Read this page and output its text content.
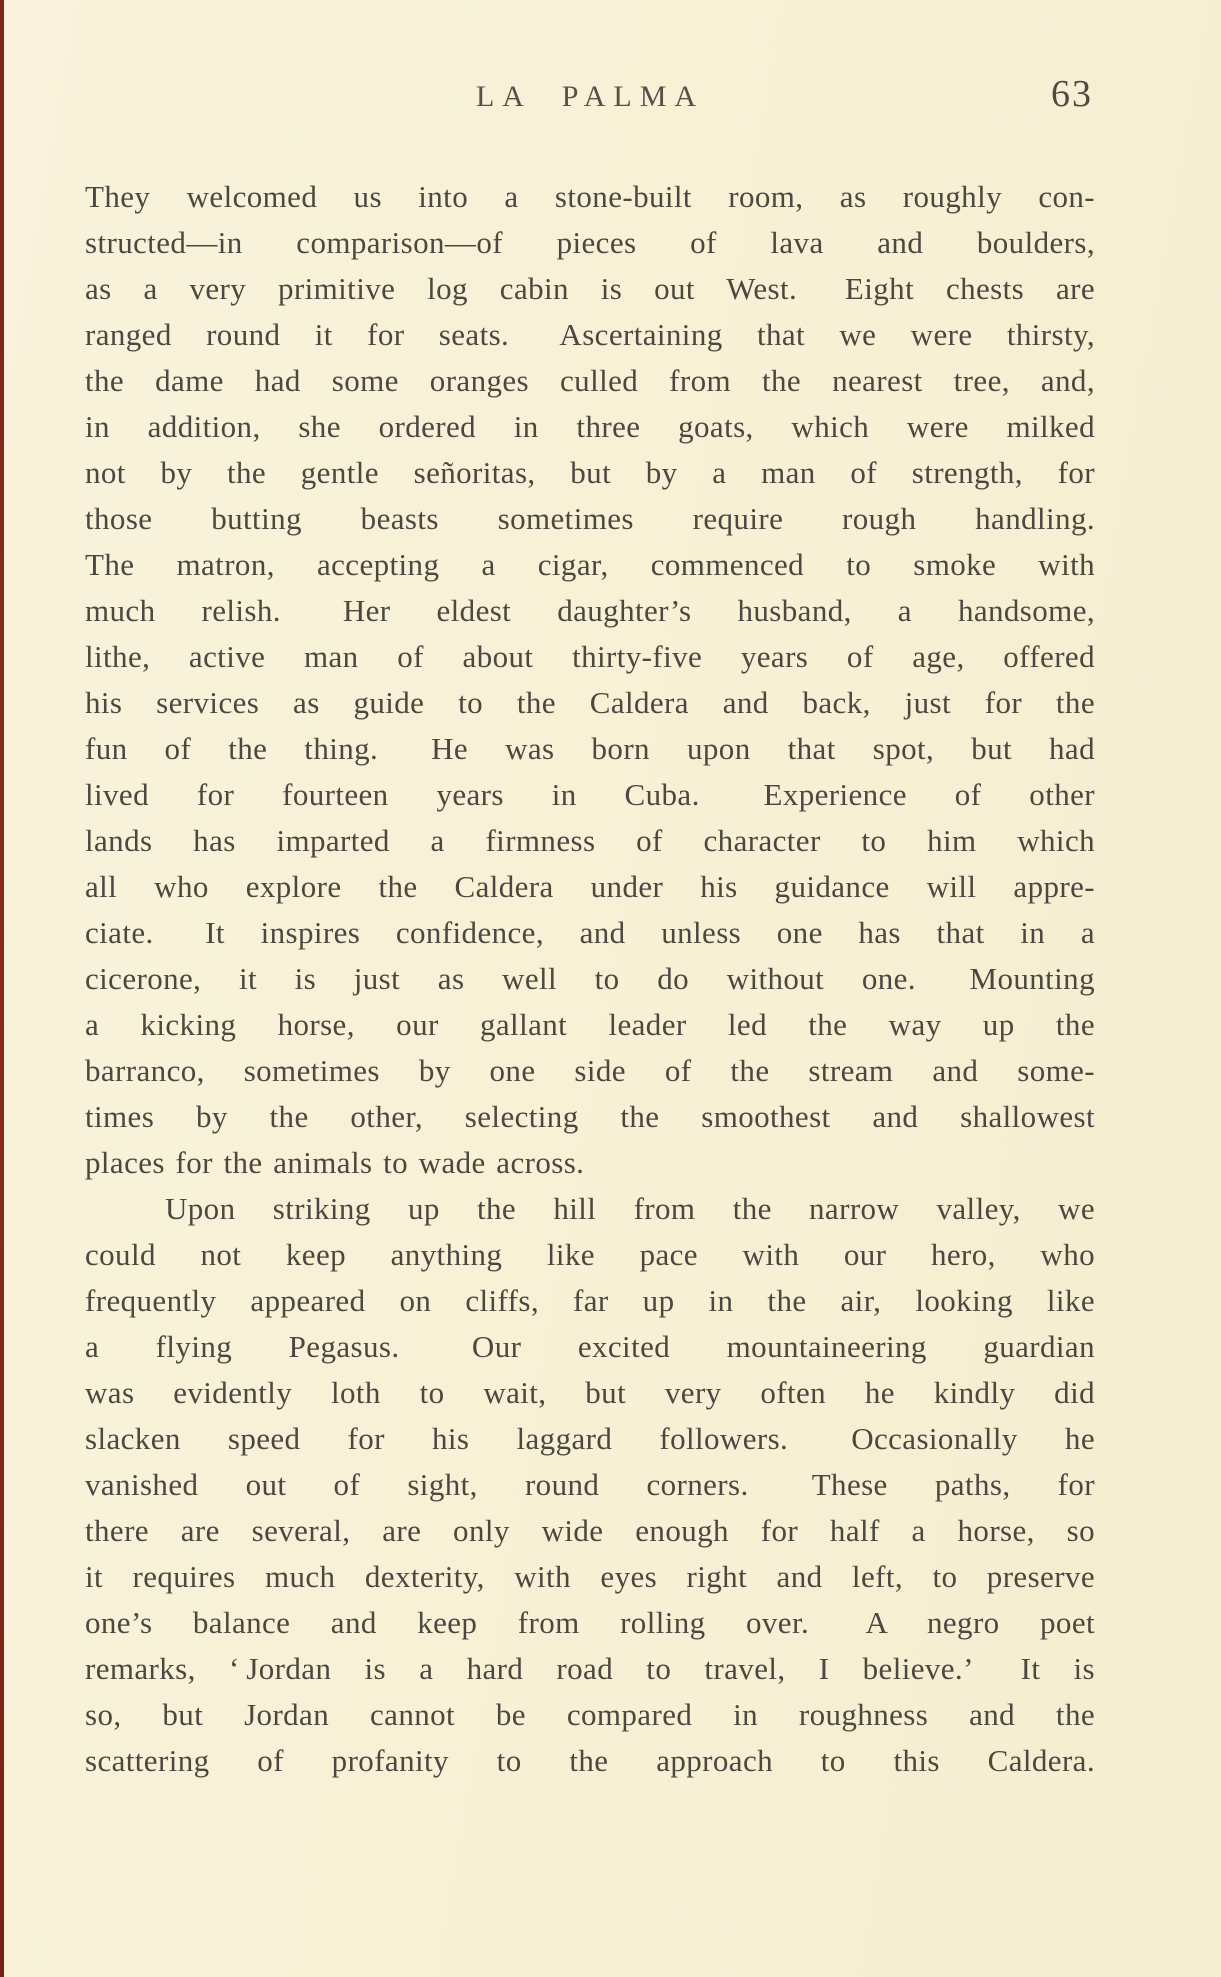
LA PALMA	63
They welcomed us into a stone-built room, as roughly con-
structed—in comparison—of pieces of lava and boulders,
as a very primitive log cabin is out West.  Eight chests are
ranged round it for seats.  Ascertaining that we were thirsty,
the dame had some oranges culled from the nearest tree, and,
in addition, she ordered in three goats, which were milked
not by the gentle señoritas, but by a man of strength, for
those butting beasts sometimes require rough handling.
The matron, accepting a cigar, commenced to smoke with
much relish.  Her eldest daughter’s husband, a handsome,
lithe, active man of about thirty-five years of age, offered
his services as guide to the Caldera and back, just for the
fun of the thing.  He was born upon that spot, but had
lived for fourteen years in Cuba.  Experience of other
lands has imparted a firmness of character to him which
all who explore the Caldera under his guidance will appre-
ciate.  It inspires confidence, and unless one has that in a
cicerone, it is just as well to do without one.  Mounting
a kicking horse, our gallant leader led the way up the
barranco, sometimes by one side of the stream and some-
times by the other, selecting the smoothest and shallowest
places for the animals to wade across.
Upon striking up the hill from the narrow valley, we
could not keep anything like pace with our hero, who
frequently appeared on cliffs, far up in the air, looking like
a flying Pegasus.  Our excited mountaineering guardian
was evidently loth to wait, but very often he kindly did
slacken speed for his laggard followers.  Occasionally he
vanished out of sight, round corners.  These paths, for
there are several, are only wide enough for half a horse, so
it requires much dexterity, with eyes right and left, to preserve
one’s balance and keep from rolling over.  A negro poet
remarks, ‘ Jordan is a hard road to travel, I believe.’  It is
so, but Jordan cannot be compared in roughness and the
scattering of profanity to the approach to this Caldera.
